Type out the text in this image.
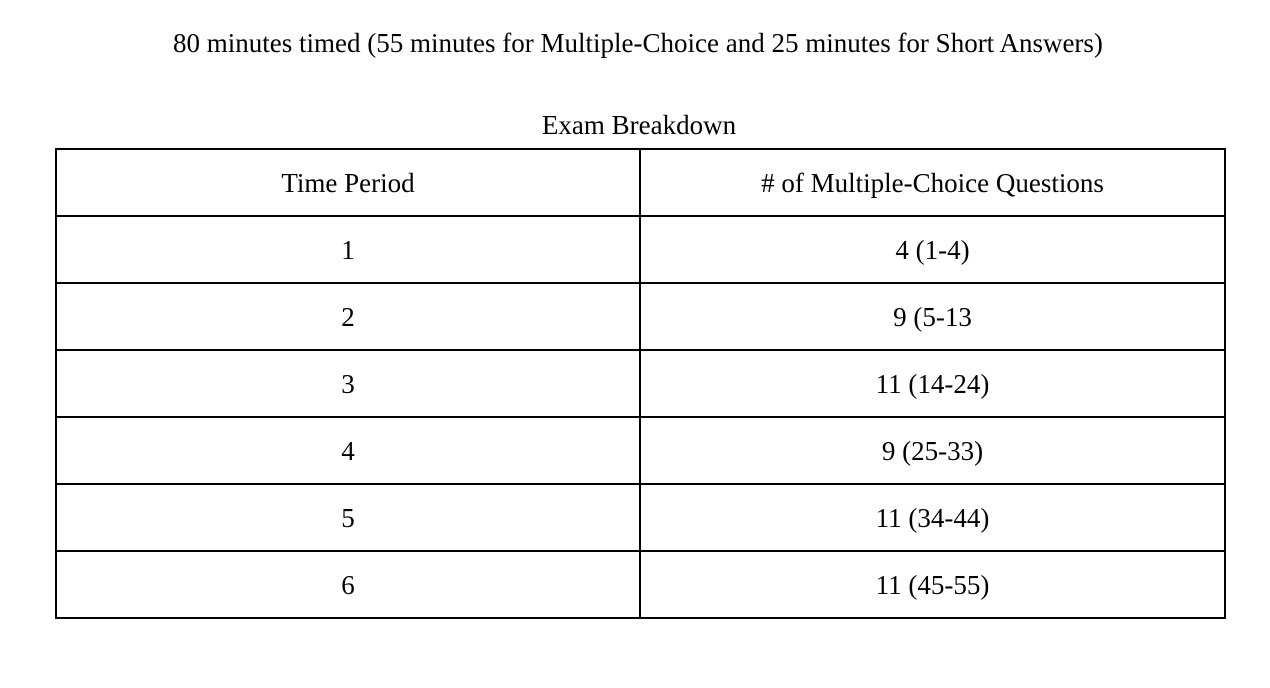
80 minutes timed (55 minutes for Multiple-Choice and 25 minutes for Short Answers)
Exam Breakdown
Time Period	# of Multiple-Choice Questions
1	4 (1-4)
2	9 (5-13
3	11 (14-24)
4	9 (25-33)
5	11 (34-44)
6	11 (45-55)
